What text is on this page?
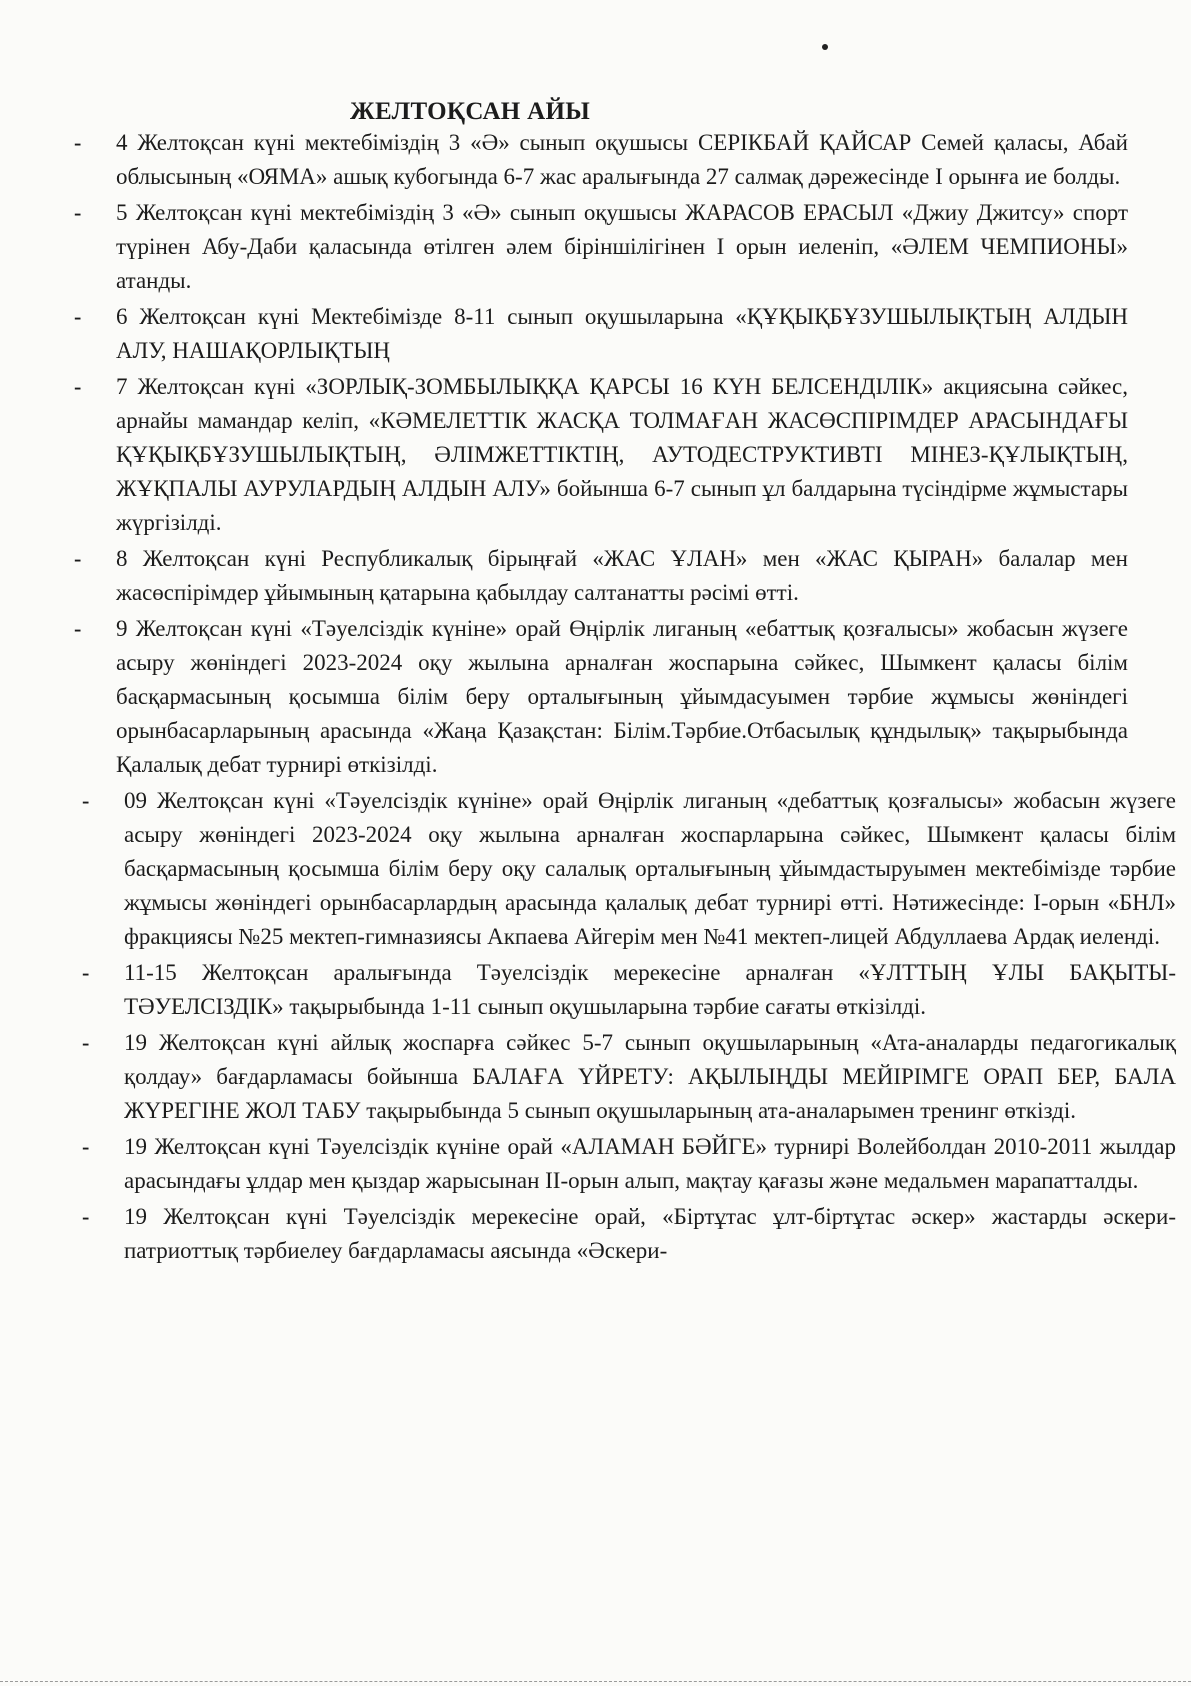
ЖЕЛТОҚСАН АЙЫ
- 4 Желтоқсан күні мектебіміздің 3 «Ә» сынып оқушысы СЕРІКБАЙ ҚАЙСАР Семей қаласы, Абай облысының «ОЯМА» ашық кубогында 6-7 жас аралығында 27 салмақ дәрежесінде I орынға ие болды.

- 5 Желтоқсан күні мектебіміздің 3 «Ә» сынып оқушысы ЖАРАСОВ ЕРАСЫЛ «Джиу Джитсу» спорт түрінен Абу-Даби қаласында өтілген әлем біріншілігінен I орын иеленіп, «ӘЛЕМ ЧЕМПИОНЫ» атанды.

- 6 Желтоқсан күні Мектебімізде 8-11 сынып оқушыларына «ҚҰҚЫҚБҰЗУШЫЛЫҚТЫҢ АЛДЫН АЛУ, НАШАҚОРЛЫҚТЫҢ

- 7 Желтоқсан күні «ЗОРЛЫҚ-ЗОМБЫЛЫҚҚА ҚАРСЫ 16 КҮН БЕЛСЕНДІЛІК» акциясына сәйкес, арнайы мамандар келіп, «КӘМЕЛЕТТІК ЖАСҚА ТОЛМАҒАН ЖАСӨСПІРІМДЕР АРАСЫНДАҒЫ ҚҰҚЫҚБҰЗУШЫЛЫҚТЫҢ, ӘЛІМЖЕТТІКТІҢ, АУТОДЕСТРУКТИВТІ МІНЕЗ-ҚҰЛЫҚТЫҢ, ЖҰҚПАЛЫ АУРУЛАРДЫҢ АЛДЫН АЛУ» бойынша 6-7 сынып ұл балдарына түсіндірме жұмыстары жүргізілді.

- 8 Желтоқсан күні Республикалық бірыңғай «ЖАС ҰЛАН» мен «ЖАС ҚЫРАН» балалар мен жасөспірімдер ұйымының қатарына қабылдау салтанатты рәсімі өтті.

- 9 Желтоқсан күні «Тәуелсіздік күніне» орай Өңірлік лиганың «ебаттық қозғалысы» жобасын жүзеге асыру жөніндегі 2023-2024 оқу жылына арналған жоспарына сәйкес, Шымкент қаласы білім басқармасының қосымша білім беру орталығының ұйымдасуымен тәрбие жұмысы жөніндегі орынбасарларының арасында «Жаңа Қазақстан: Білім.Тәрбие.Отбасылық құндылық» тақырыбында Қалалық дебат турнирі өткізілді.

- 09 Желтоқсан күні «Тәуелсіздік күніне» орай Өңірлік лиганың «дебаттық қозғалысы» жобасын жүзеге асыру жөніндегі 2023-2024 оқу жылына арналған жоспарларына сәйкес, Шымкент қаласы білім басқармасының қосымша білім беру оқу салалық орталығының ұйымдастыруымен мектебімізде тәрбие жұмысы жөніндегі орынбасарлардың арасында қалалық дебат турнирі өтті. Нәтижесінде: I-орын «БНЛ» фракциясы №25 мектеп-гимназиясы Акпаева Айгерім мен №41 мектеп-лицей Абдуллаева Ардақ иеленді.

- 11-15 Желтоқсан аралығында Тәуелсіздік мерекесіне арналған «ҰЛТТЫҢ ҰЛЫ БАҚЫТЫ-ТӘУЕЛСІЗДІК» тақырыбында 1-11 сынып оқушыларына тәрбие сағаты өткізілді.

- 19 Желтоқсан күні айлық жоспарға сәйкес 5-7 сынып оқушыларының «Ата-аналарды педагогикалық қолдау» бағдарламасы бойынша БАЛАҒА ҮЙРЕТУ: АҚЫЛЫҢДЫ МЕЙІРІМГЕ ОРАП БЕР, БАЛА ЖҮРЕГІНЕ ЖОЛ ТАБУ тақырыбында 5 сынып оқушыларының ата-аналарымен тренинг өткізді.

- 19 Желтоқсан күні Тәуелсіздік күніне орай «АЛАМАН БӘЙГЕ» турнирі Волейболдан 2010-2011 жылдар арасындағы ұлдар мен қыздар жарысынан II-орын алып, мақтау қағазы және медальмен марапатталды.

- 19 Желтоқсан күні Тәуелсіздік мерекесіне орай, «Біртұтас ұлт-біртұтас әскер» жастарды әскери-патриоттық тәрбиелеу бағдарламасы аясында «Әскери-
